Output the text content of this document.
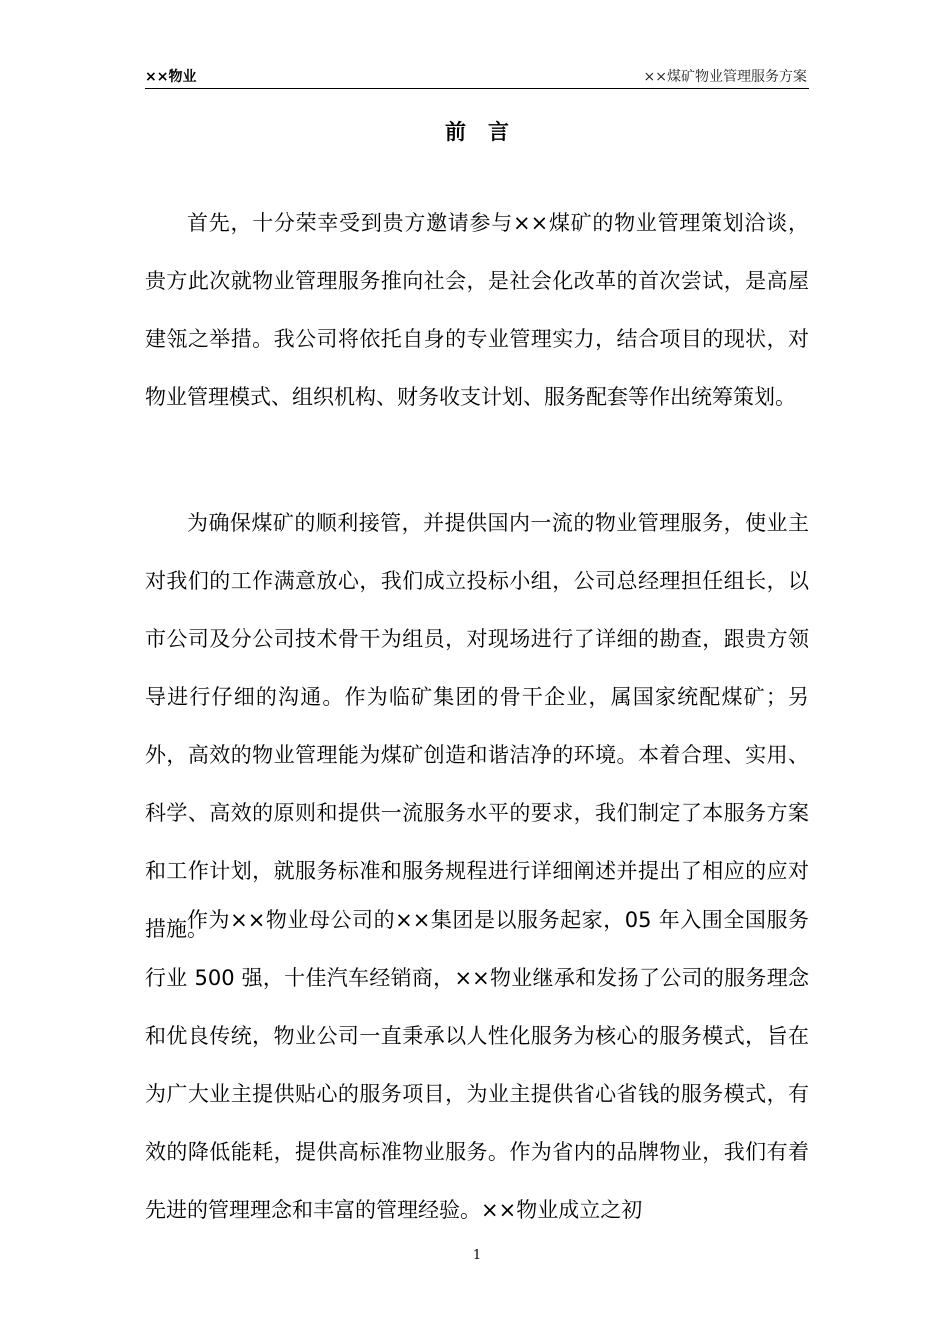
××物业	××煤矿物业管理服务方案
前言

首先，十分荣幸受到贵方邀请参与××煤矿的物业管理策划洽谈，贵方此次就物业管理服务推向社会，是社会化改革的首次尝试，是高屋建瓴之举措。我公司将依托自身的专业管理实力，结合项目的现状，对物业管理模式、组织机构、财务收支计划、服务配套等作出统筹策划。

为确保煤矿的顺利接管，并提供国内一流的物业管理服务，使业主对我们的工作满意放心，我们成立投标小组，公司总经理担任组长，以市公司及分公司技术骨干为组员，对现场进行了详细的勘查，跟贵方领导进行仔细的沟通。作为临矿集团的骨干企业，属国家统配煤矿；另外，高效的物业管理能为煤矿创造和谐洁净的环境。本着合理、实用、科学、高效的原则和提供一流服务水平的要求，我们制定了本服务方案和工作计划，就服务标准和服务规程进行详细阐述并提出了相应的应对措施。

作为××物业母公司的××集团是以服务起家，05 年入围全国服务行业 500 强，十佳汽车经销商，××物业继承和发扬了公司的服务理念和优良传统，物业公司一直秉承以人性化服务为核心的服务模式，旨在为广大业主提供贴心的服务项目，为业主提供省心省钱的服务模式，有效的降低能耗，提供高标准物业服务。作为省内的品牌物业，我们有着先进的管理理念和丰富的管理经验。××物业成立之初

1
